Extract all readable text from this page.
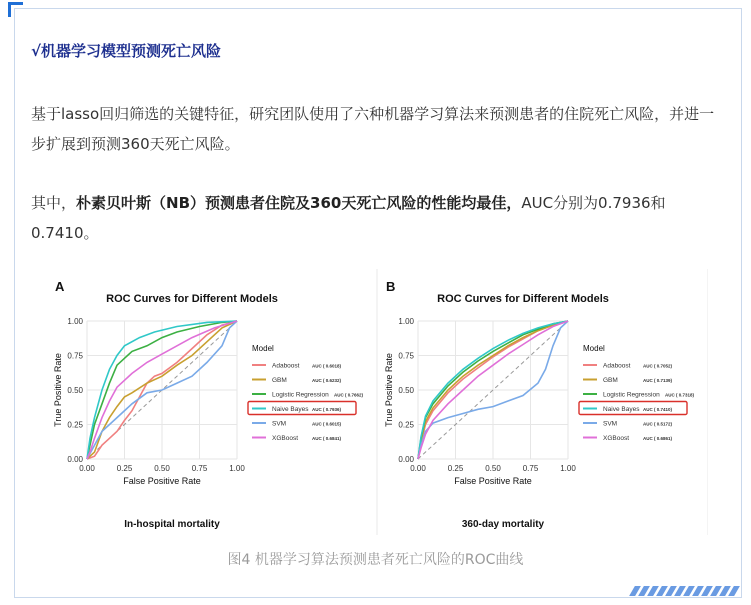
√机器学习模型预测死亡风险
基于lasso回归筛选的关键特征，研究团队使用了六种机器学习算法来预测患者的住院死亡风险，并进一步扩展到预测360天死亡风险。
其中，朴素贝叶斯（NB）预测患者住院及360天死亡风险的性能均最佳，AUC分别为0.7936和0.7410。
A
ROC Curves for Different Models
0.00
0.00
0.25
0.25
0.50
0.50
0.75
0.75
1.00
1.00
False Positive Rate
True Positive Rate
Model
Adaboost	AUC ( 0.6018)
GBM	AUC ( 0.6232)
Logistic Regression AUC ( 0.7662)
Naive Bayes AUC ( 0.7936)
SVM	AUC ( 0.6015)
XGBoost	AUC ( 0.6841)
In-hospital mortality
B
ROC Curves for Different Models
0.00
0.00
0.25
0.25
0.50
0.50
0.75
0.75
1.00
1.00
False Positive Rate
True Positive Rate
Model
Adaboost	AUC ( 0.7052)
GBM	AUC ( 0.7139)
Logistic Regression AUC ( 0.7318)
Naive Bayes AUC ( 0.7410)
SVM	AUC ( 0.5172)
XGBoost	AUC ( 0.6861)
360-day mortality
图4 机器学习算法预测患者死亡风险的ROC曲线
